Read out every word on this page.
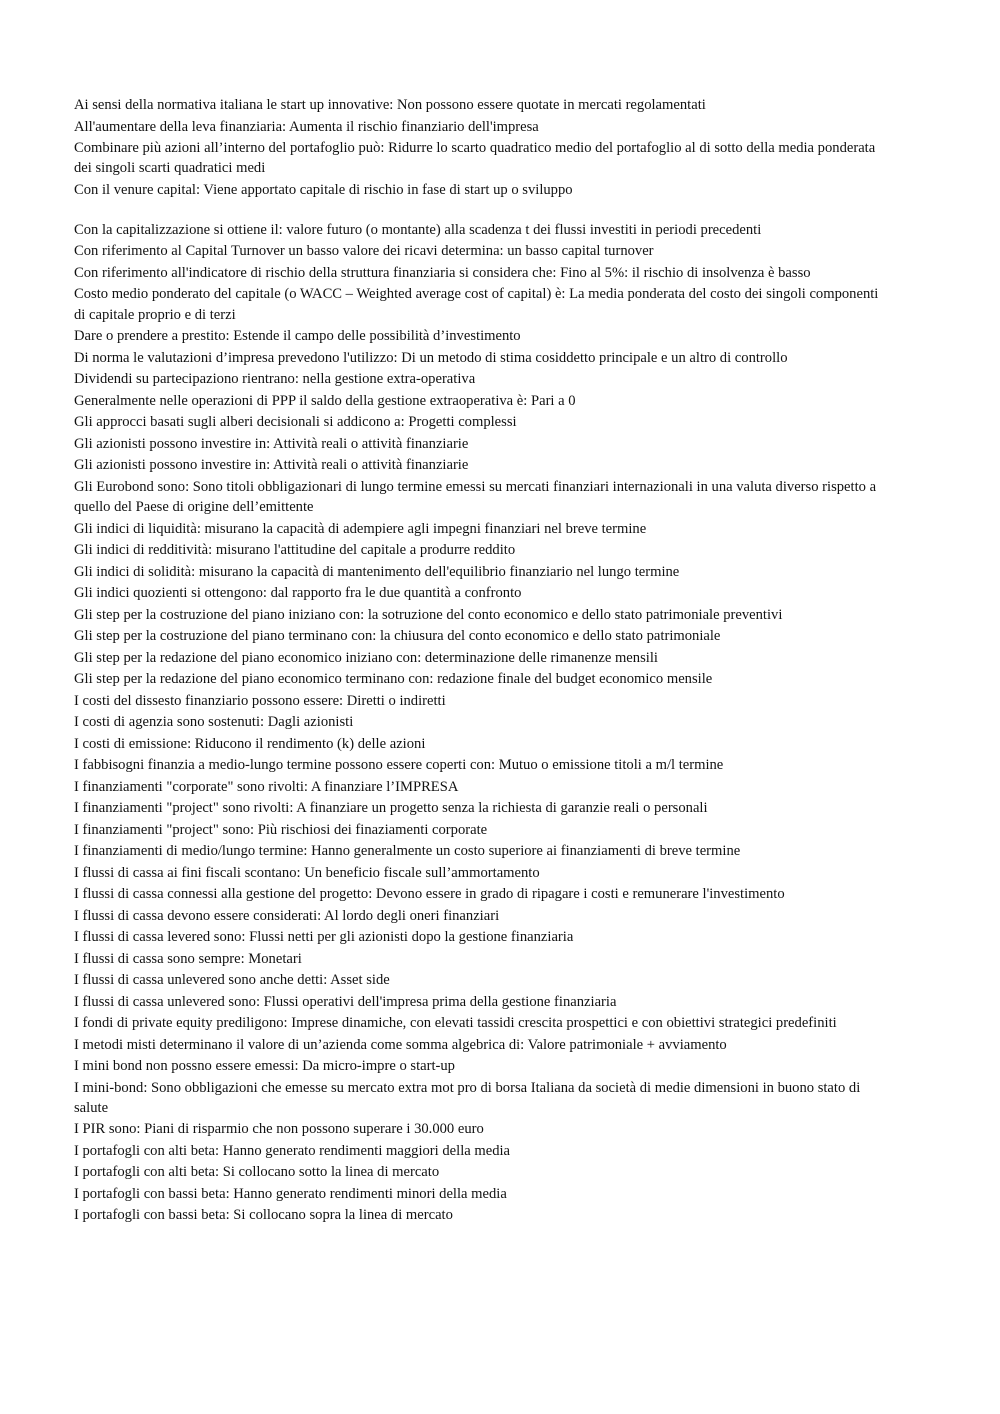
Ai sensi della normativa italiana le start up innovative: Non possono essere quotate in mercati regolamentati
All'aumentare della leva finanziaria: Aumenta il rischio finanziario dell'impresa
Combinare più azioni all’interno del portafoglio può: Ridurre lo scarto quadratico medio del portafoglio al di sotto della media ponderata dei singoli scarti quadratici medi
Con il venure capital: Viene apportato capitale di rischio in fase di start up o sviluppo
Con la capitalizzazione si ottiene il: valore futuro (o montante) alla scadenza t dei flussi investiti in periodi precedenti
Con riferimento al Capital Turnover un basso valore dei ricavi determina: un basso capital turnover
Con riferimento all'indicatore di rischio della struttura finanziaria si considera che: Fino al 5%: il rischio di insolvenza è basso
Costo medio ponderato del capitale (o WACC – Weighted average cost of capital) è: La media ponderata del costo dei singoli componenti di capitale proprio e di terzi
Dare o prendere a prestito: Estende il campo delle possibilità d’investimento
Di norma le valutazioni d’impresa prevedono l'utilizzo: Di un metodo di stima cosiddetto principale e un altro di controllo
Dividendi su partecipaziono rientrano: nella gestione extra-operativa
Generalmente nelle operazioni di PPP il saldo della gestione extraoperativa è: Pari a 0
Gli approcci basati sugli alberi decisionali si addicono a: Progetti complessi
Gli azionisti possono investire in: Attività reali o attività finanziarie
Gli azionisti possono investire in: Attività reali o attività finanziarie
Gli Eurobond sono: Sono titoli obbligazionari di lungo termine emessi su mercati finanziari internazionali in una valuta diverso rispetto a quello del Paese di origine dell’emittente
Gli indici di liquidità: misurano la capacità di adempiere agli impegni finanziari nel breve termine
Gli indici di redditività: misurano l'attitudine del capitale a produrre reddito
Gli indici di solidità: misurano la capacità di mantenimento dell'equilibrio finanziario nel lungo termine
Gli indici quozienti si ottengono: dal rapporto fra le due quantità a confronto
Gli step per la costruzione del piano iniziano con: la sotruzione del conto economico e dello stato patrimoniale preventivi
Gli step per la costruzione del piano terminano con: la chiusura del conto economico e dello stato patrimoniale
Gli step per la redazione del piano economico iniziano con: determinazione delle rimanenze mensili
Gli step per la redazione del piano economico terminano con: redazione finale del budget economico mensile
I costi del dissesto finanziario possono essere: Diretti o indiretti
I costi di agenzia sono sostenuti: Dagli azionisti
I costi di emissione: Riducono il rendimento (k) delle azioni
I fabbisogni finanzia a medio-lungo termine possono essere coperti con: Mutuo o emissione titoli a m/l termine
I finanziamenti "corporate" sono rivolti: A finanziare l’IMPRESA
I finanziamenti "project" sono rivolti: A finanziare un progetto senza la richiesta di garanzie reali o personali
I finanziamenti "project" sono: Più rischiosi dei finaziamenti corporate
I finanziamenti di medio/lungo termine: Hanno generalmente un costo superiore ai finanziamenti di breve termine
I flussi di cassa ai fini fiscali scontano: Un beneficio fiscale sull’ammortamento
I flussi di cassa connessi alla gestione del progetto: Devono essere in grado di ripagare i costi e remunerare l'investimento
I flussi di cassa devono essere considerati: Al lordo degli oneri finanziari
I flussi di cassa levered sono: Flussi netti per gli azionisti dopo la gestione finanziaria
I flussi di cassa sono sempre: Monetari
I flussi di cassa unlevered sono anche detti: Asset side
I flussi di cassa unlevered sono: Flussi operativi dell'impresa prima della gestione finanziaria
I fondi di private equity prediligono: Imprese dinamiche, con elevati tassidi crescita prospettici e con obiettivi strategici predefiniti
I metodi misti determinano il valore di un’azienda come somma algebrica di: Valore patrimoniale + avviamento
I mini bond non possno essere emessi: Da micro-impre o start-up
I mini-bond: Sono obbligazioni che emesse su mercato extra mot pro di borsa Italiana da società di medie dimensioni in buono stato di salute
I PIR sono: Piani di risparmio che non possono superare i 30.000 euro
I portafogli con alti beta: Hanno generato rendimenti maggiori della media
I portafogli con alti beta: Si collocano sotto la linea di mercato
I portafogli con bassi beta: Hanno generato rendimenti minori della media
I portafogli con bassi beta: Si collocano sopra la linea di mercato
